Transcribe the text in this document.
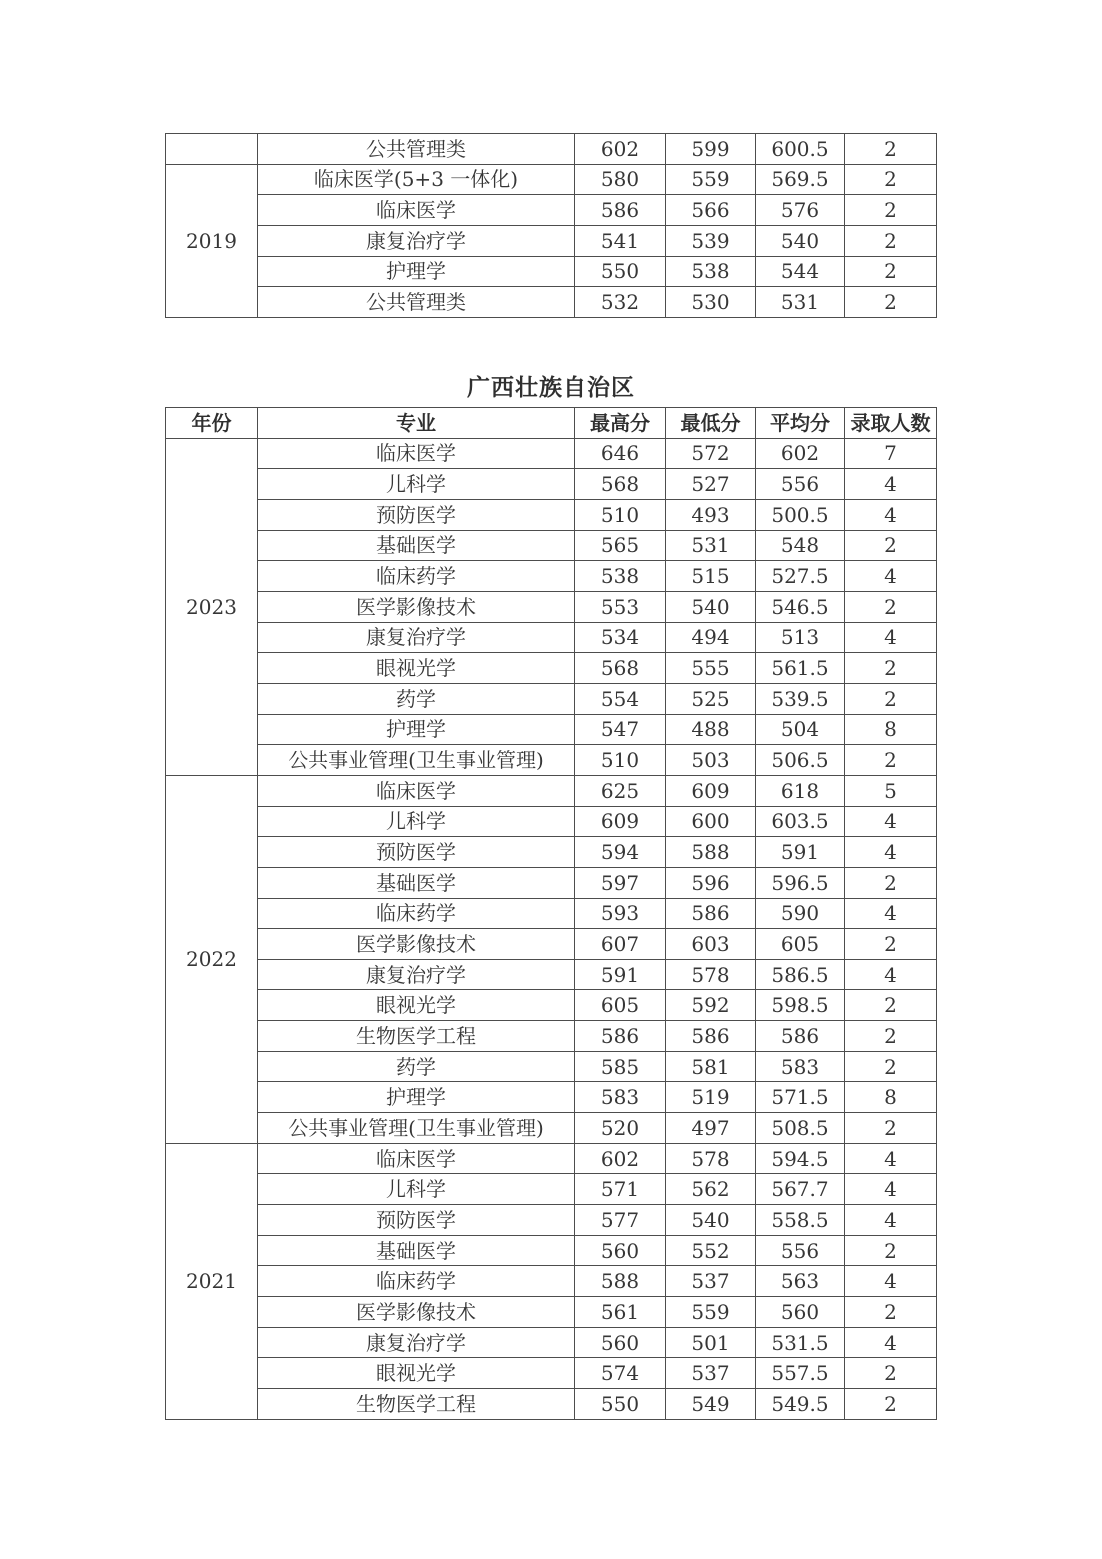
	公共管理类	602	599	600.5	2
2019	临床医学(5+3 一体化)	580	559	569.5	2
	临床医学	586	566	576	2
	康复治疗学	541	539	540	2
	护理学	550	538	544	2
	公共管理类	532	530	531	2
广西壮族自治区
年份	专业	最高分	最低分	平均分	录取人数
2023	临床医学	646	572	602	7
	儿科学	568	527	556	4
	预防医学	510	493	500.5	4
	基础医学	565	531	548	2
	临床药学	538	515	527.5	4
	医学影像技术	553	540	546.5	2
	康复治疗学	534	494	513	4
	眼视光学	568	555	561.5	2
	药学	554	525	539.5	2
	护理学	547	488	504	8
	公共事业管理(卫生事业管理)	510	503	506.5	2
2022	临床医学	625	609	618	5
	儿科学	609	600	603.5	4
	预防医学	594	588	591	4
	基础医学	597	596	596.5	2
	临床药学	593	586	590	4
	医学影像技术	607	603	605	2
	康复治疗学	591	578	586.5	4
	眼视光学	605	592	598.5	2
	生物医学工程	586	586	586	2
	药学	585	581	583	2
	护理学	583	519	571.5	8
	公共事业管理(卫生事业管理)	520	497	508.5	2
2021	临床医学	602	578	594.5	4
	儿科学	571	562	567.7	4
	预防医学	577	540	558.5	4
	基础医学	560	552	556	2
	临床药学	588	537	563	4
	医学影像技术	561	559	560	2
	康复治疗学	560	501	531.5	4
	眼视光学	574	537	557.5	2
	生物医学工程	550	549	549.5	2
